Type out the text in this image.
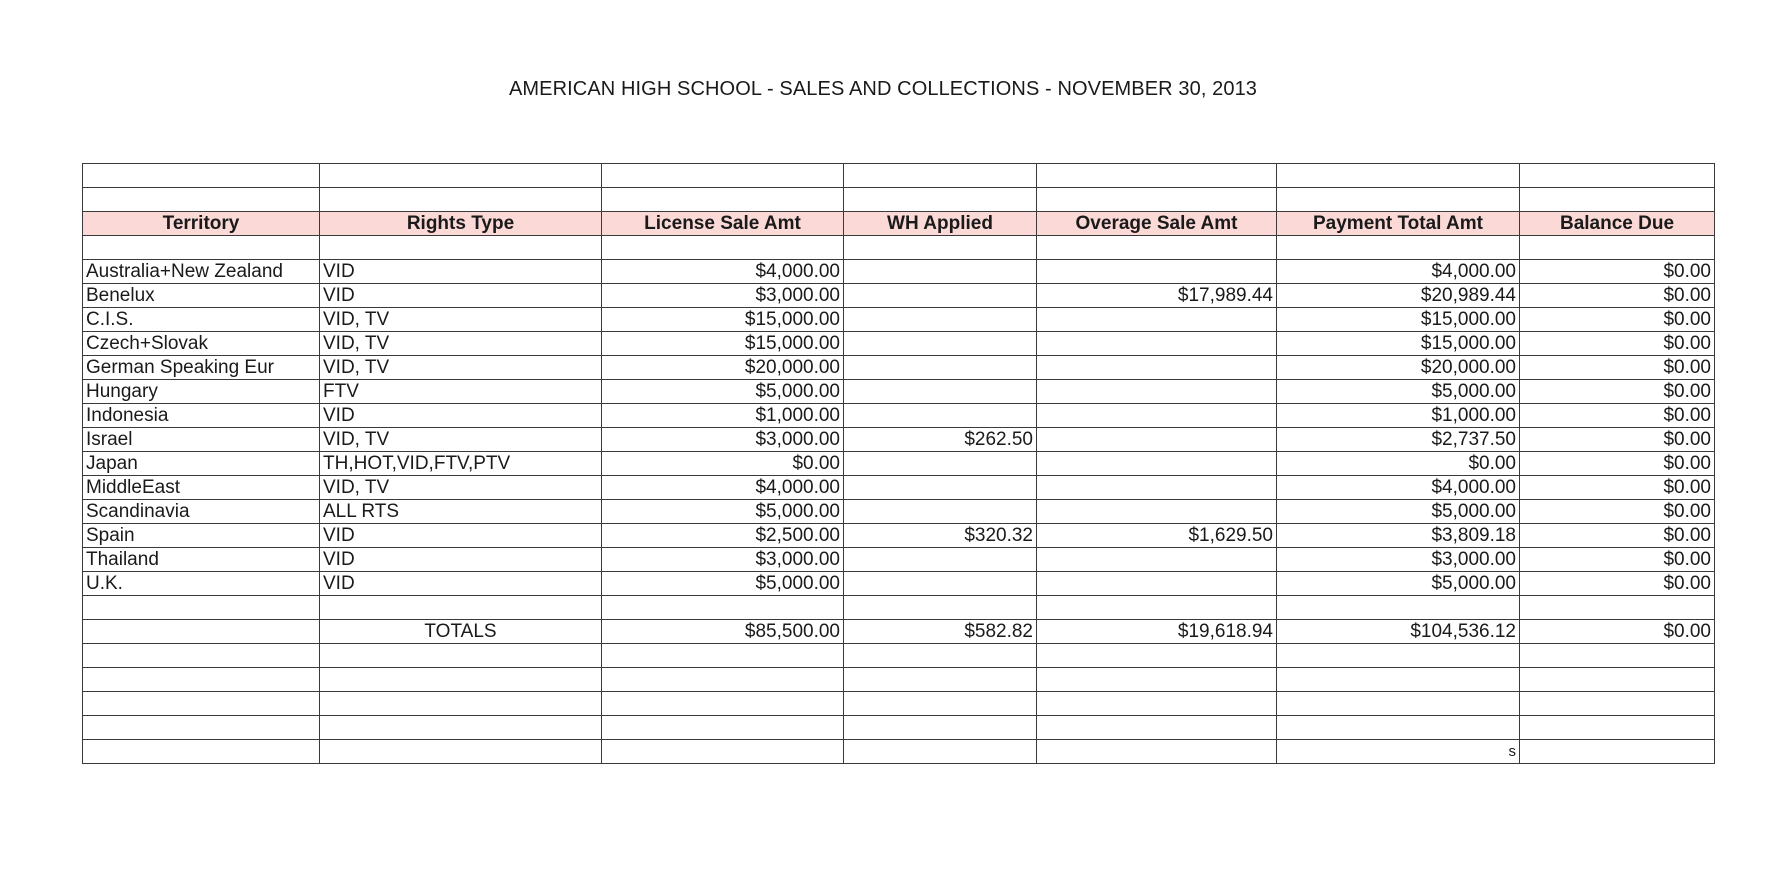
AMERICAN HIGH SCHOOL - SALES AND COLLECTIONS - NOVEMBER 30, 2013

Territory	Rights Type	License Sale Amt	WH Applied	Overage Sale Amt	Payment Total Amt	Balance Due

Australia+New Zealand	VID	$4,000.00			$4,000.00	$0.00
Benelux	VID	$3,000.00		$17,989.44	$20,989.44	$0.00
C.I.S.	VID, TV	$15,000.00			$15,000.00	$0.00
Czech+Slovak	VID, TV	$15,000.00			$15,000.00	$0.00
German Speaking Eur	VID, TV	$20,000.00			$20,000.00	$0.00
Hungary	FTV	$5,000.00			$5,000.00	$0.00
Indonesia	VID	$1,000.00			$1,000.00	$0.00
Israel	VID, TV	$3,000.00	$262.50		$2,737.50	$0.00
Japan	TH,HOT,VID,FTV,PTV	$0.00			$0.00	$0.00
MiddleEast	VID, TV	$4,000.00			$4,000.00	$0.00
Scandinavia	ALL RTS	$5,000.00			$5,000.00	$0.00
Spain	VID	$2,500.00	$320.32	$1,629.50	$3,809.18	$0.00
Thailand	VID	$3,000.00			$3,000.00	$0.00
U.K.	VID	$5,000.00			$5,000.00	$0.00

	TOTALS	$85,500.00	$582.82	$19,618.94	$104,536.12	$0.00

					s	
